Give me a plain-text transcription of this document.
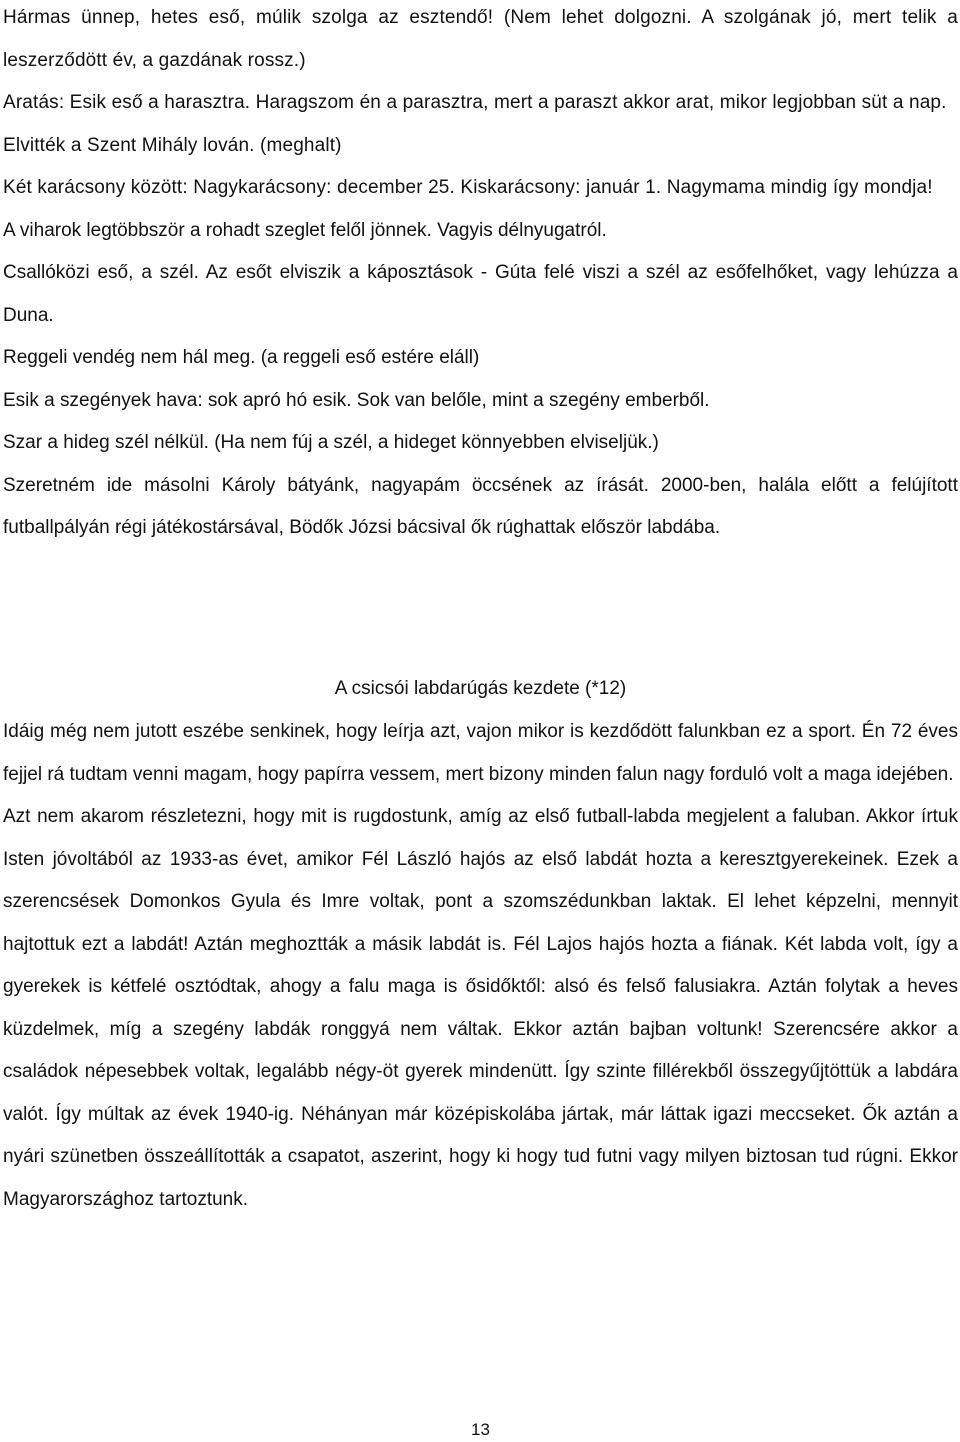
Hármas ünnep, hetes eső, múlik szolga az esztendő! (Nem lehet dolgozni. A szolgának jó, mert telik a leszerződött év, a gazdának rossz.)

Aratás: Esik eső a harasztra. Haragszom én a parasztra, mert a paraszt akkor arat, mikor legjobban süt a nap.

Elvitték a Szent Mihály lován. (meghalt)

Két karácsony között: Nagykarácsony: december 25. Kiskarácsony: január 1. Nagymama mindig így mondja!

A viharok legtöbbször a rohadt szeglet felől jönnek. Vagyis délnyugatról.

Csallóközi eső, a szél. Az esőt elviszik a káposztások - Gúta felé viszi a szél az esőfelhőket, vagy lehúzza a Duna.

Reggeli vendég nem hál meg. (a reggeli eső estére eláll)

Esik a szegények hava: sok apró hó esik. Sok van belőle, mint a szegény emberből.

Szar a hideg szél nélkül. (Ha nem fúj a szél, a hideget könnyebben elviseljük.)

Szeretném ide másolni Károly bátyánk, nagyapám öccsének az írását. 2000-ben, halála előtt a felújított futballpályán régi játékostársával, Bödők Józsi bácsival ők rúghattak először labdába.

A csicsói labdarúgás kezdete (*12)

Idáig még nem jutott eszébe senkinek, hogy leírja azt, vajon mikor is kezdődött falunkban ez a sport. Én 72 éves fejjel rá tudtam venni magam, hogy papírra vessem, mert bizony minden falun nagy forduló volt a maga idejében.

Azt nem akarom részletezni, hogy mit is rugdostunk, amíg az első futball-labda megjelent a faluban. Akkor írtuk Isten jóvoltából az 1933-as évet, amikor Fél László hajós az első labdát hozta a keresztgyerekeinek. Ezek a szerencsések Domonkos Gyula és Imre voltak, pont a szomszédunkban laktak. El lehet képzelni, mennyit hajtottuk ezt a labdát! Aztán meghoztták a másik labdát is. Fél Lajos hajós hozta a fiának. Két labda volt, így a gyerekek is kétfelé osztódtak, ahogy a falu maga is ősidőktől: alsó és felső falusiakra. Aztán folytak a heves küzdelmek, míg a szegény labdák ronggyá nem váltak. Ekkor aztán bajban voltunk! Szerencsére akkor a családok népesebbek voltak, legalább négy-öt gyerek mindenütt. Így szinte fillérekből összegyűjtöttük a labdára valót. Így múltak az évek 1940-ig. Néhányan már középiskolába jártak, már láttak igazi meccseket. Ők aztán a nyári szünetben összeállították a csapatot, aszerint, hogy ki hogy tud futni vagy milyen biztosan tud rúgni. Ekkor Magyarországhoz tartoztunk.

13
